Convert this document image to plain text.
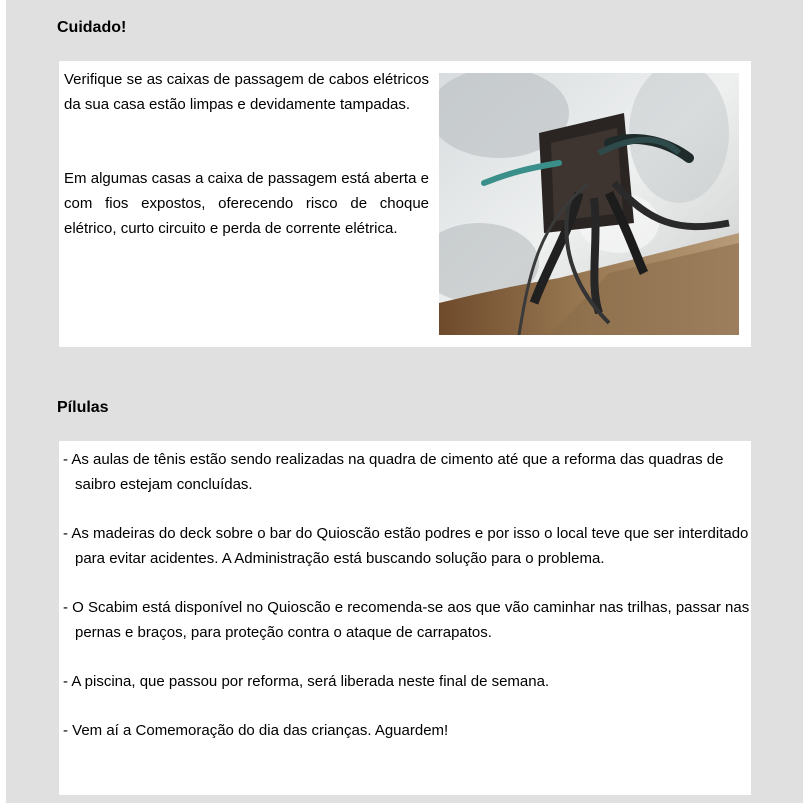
Cuidado!

Verifique se as caixas de passagem de cabos elétricos da sua casa estão limpas e devidamente tampadas.

Em algumas casas a caixa de passagem está aberta e com fios expostos, oferecendo risco de choque elétrico, curto circuito e perda de corrente elétrica.

Pílulas

- As aulas de tênis estão sendo realizadas na quadra de cimento até que a reforma das quadras de saibro estejam concluídas.

- As madeiras do deck sobre o bar do Quioscão estão podres e por isso o local teve que ser interditado para evitar acidentes. A Administração está buscando solução para o problema.

- O Scabim está disponível no Quioscão e recomenda-se aos que vão caminhar nas trilhas, passar nas pernas e braços, para proteção contra o ataque de carrapatos.

- A piscina, que passou por reforma, será liberada neste final de semana.

- Vem aí a Comemoração do dia das crianças. Aguardem!
